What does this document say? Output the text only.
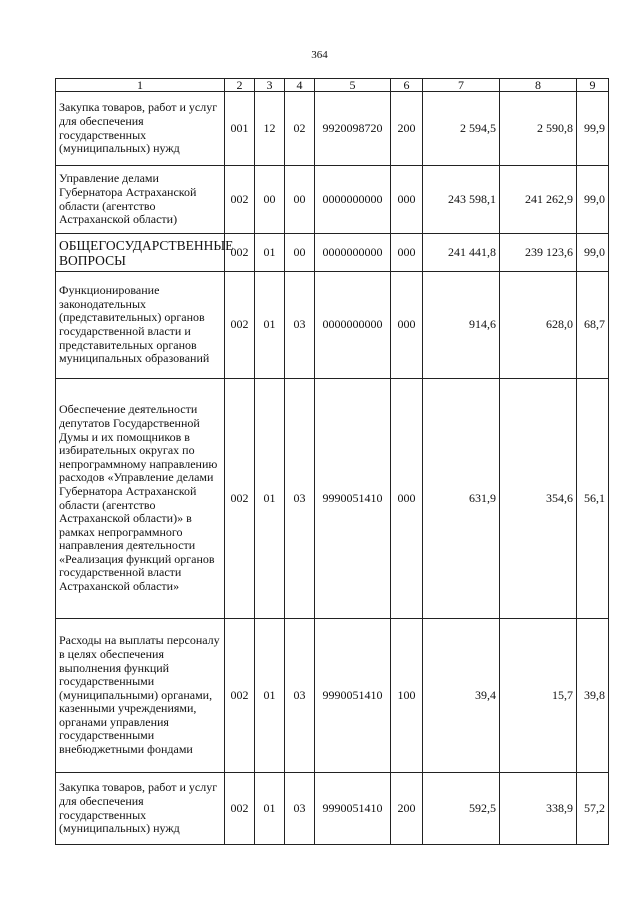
364
1	2	3	4	5	6	7	8	9
Закупка товаров, работ и услуг для обеспечения государственных (муниципальных) нужд	001	12	02	9920098720	200	2 594,5	2 590,8	99,9
Управление делами Губернатора Астраханской области (агентство Астраханской области)	002	00	00	0000000000	000	243 598,1	241 262,9	99,0
ОБЩЕГОСУДАРСТВЕННЫЕ ВОПРОСЫ	002	01	00	0000000000	000	241 441,8	239 123,6	99,0
Функционирование законодательных (представительных) органов государственной власти и представительных органов муниципальных образований	002	01	03	0000000000	000	914,6	628,0	68,7
Обеспечение деятельности депутатов Государственной Думы и их помощников в избирательных округах по непрограммному направлению расходов «Управление делами Губернатора Астраханской области (агентство Астраханской области)» в рамках непрограммного направления деятельности «Реализация функций органов государственной власти Астраханской области»	002	01	03	9990051410	000	631,9	354,6	56,1
Расходы на выплаты персоналу в целях обеспечения выполнения функций государственными (муниципальными) органами, казенными учреждениями, органами управления государственными внебюджетными фондами	002	01	03	9990051410	100	39,4	15,7	39,8
Закупка товаров, работ и услуг для обеспечения государственных (муниципальных) нужд	002	01	03	9990051410	200	592,5	338,9	57,2
